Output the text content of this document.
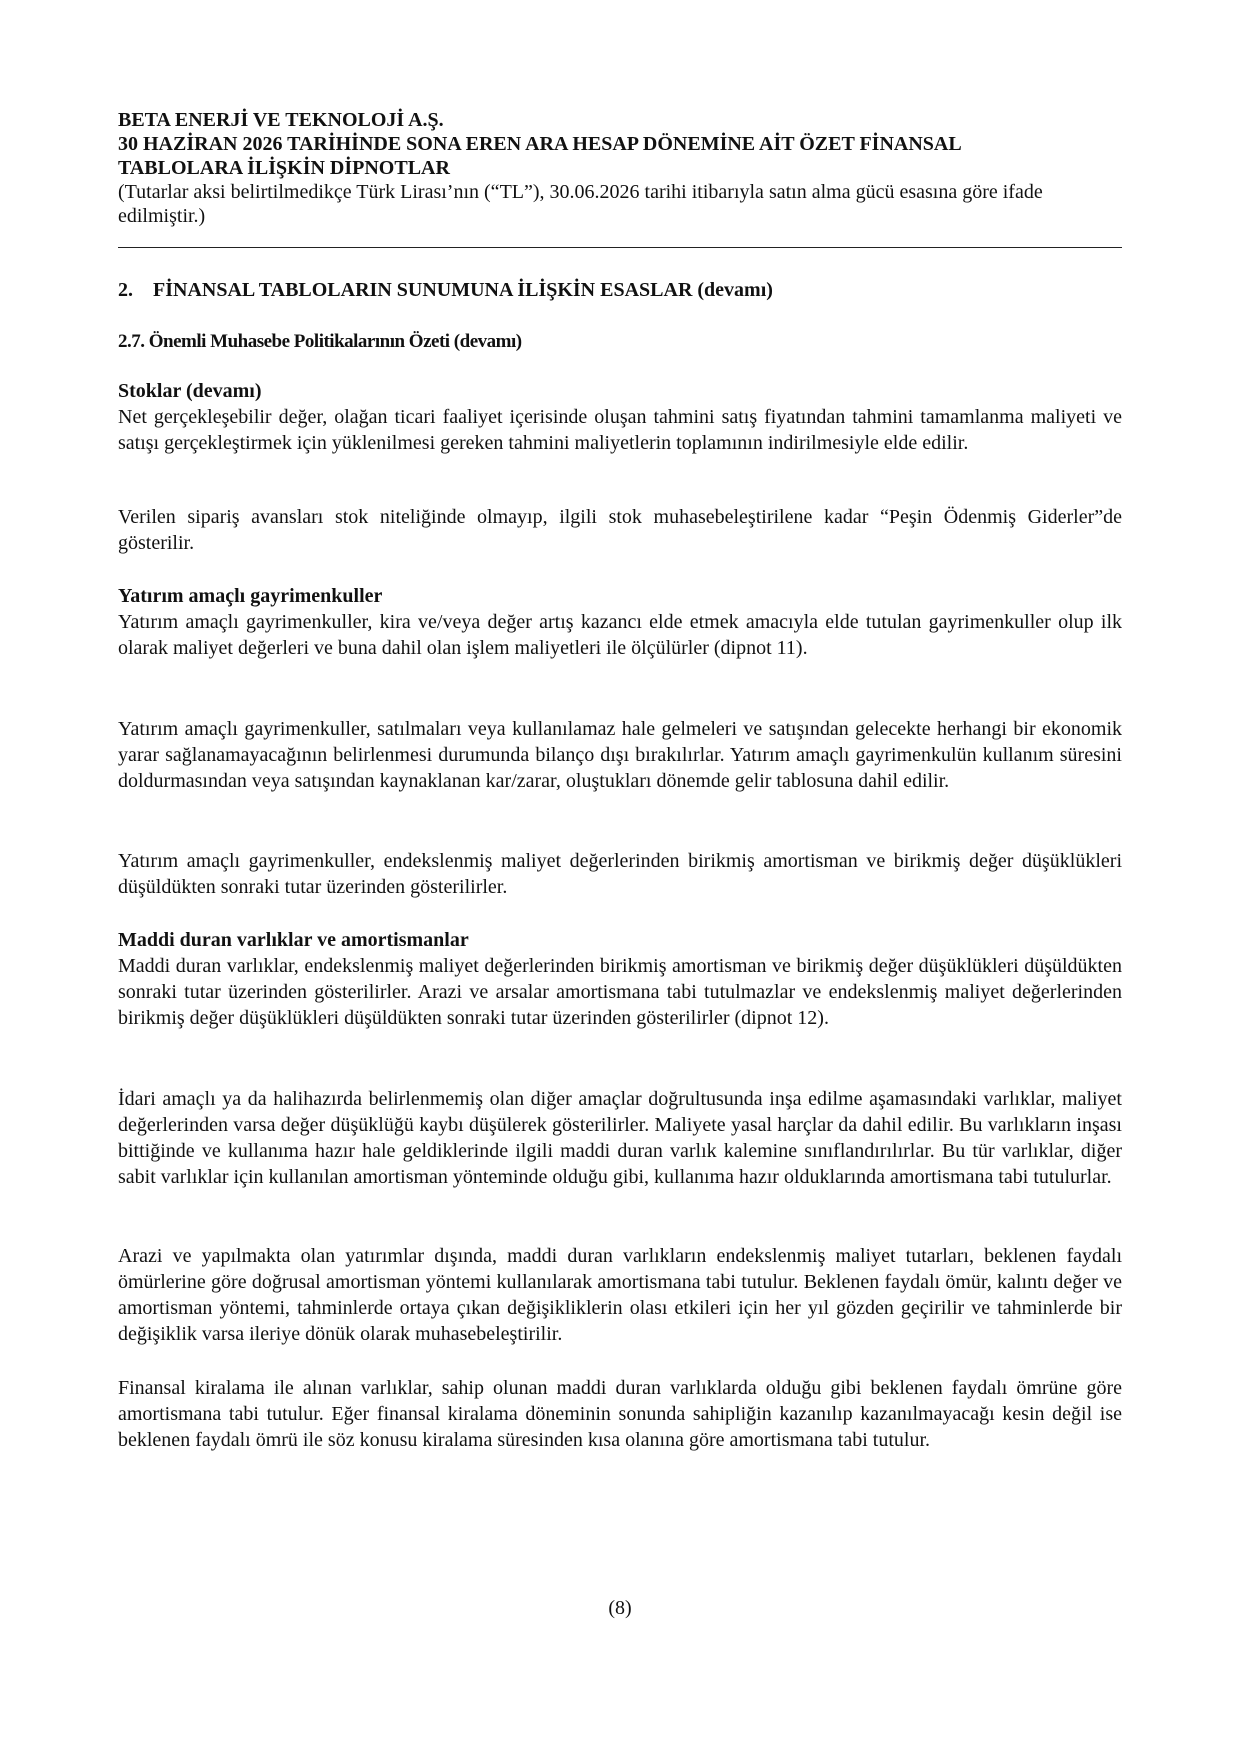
BETA ENERJİ VE TEKNOLOJİ A.Ş.

30 HAZİRAN 2026 TARİHİNDE SONA EREN ARA HESAP DÖNEMİNE AİT ÖZET FİNANSAL

TABLOLARA İLİŞKİN DİPNOTLAR

(Tutarlar aksi belirtilmedikçe Türk Lirası’nın (“TL”), 30.06.2026 tarihi itibarıyla satın alma gücü esasına göre ifade edilmiştir.)

2. FİNANSAL TABLOLARIN SUNUMUNA İLİŞKİN ESASLAR (devamı)

2.7. Önemli Muhasebe Politikalarının Özeti (devamı)

Stoklar (devamı)

Net gerçekleşebilir değer, olağan ticari faaliyet içerisinde oluşan tahmini satış fiyatından tahmini tamamlanma maliyeti ve satışı gerçekleştirmek için yüklenilmesi gereken tahmini maliyetlerin toplamının indirilmesiyle elde edilir.

Verilen sipariş avansları stok niteliğinde olmayıp, ilgili stok muhasebeleştirilene kadar “Peşin Ödenmiş Giderler”de gösterilir.

Yatırım amaçlı gayrimenkuller

Yatırım amaçlı gayrimenkuller, kira ve/veya değer artış kazancı elde etmek amacıyla elde tutulan gayrimenkuller olup ilk olarak maliyet değerleri ve buna dahil olan işlem maliyetleri ile ölçülürler (dipnot 11).

Yatırım amaçlı gayrimenkuller, satılmaları veya kullanılamaz hale gelmeleri ve satışından gelecekte herhangi bir ekonomik yarar sağlanamayacağının belirlenmesi durumunda bilanço dışı bırakılırlar. Yatırım amaçlı gayrimenkulün kullanım süresini doldurmasından veya satışından kaynaklanan kar/zarar, oluştukları dönemde gelir tablosuna dahil edilir.

Yatırım amaçlı gayrimenkuller, endekslenmiş maliyet değerlerinden birikmiş amortisman ve birikmiş değer düşüklükleri düşüldükten sonraki tutar üzerinden gösterilirler.

Maddi duran varlıklar ve amortismanlar

Maddi duran varlıklar, endekslenmiş maliyet değerlerinden birikmiş amortisman ve birikmiş değer düşüklükleri düşüldükten sonraki tutar üzerinden gösterilirler. Arazi ve arsalar amortismana tabi tutulmazlar ve endekslenmiş maliyet değerlerinden birikmiş değer düşüklükleri düşüldükten sonraki tutar üzerinden gösterilirler (dipnot 12).

İdari amaçlı ya da halihazırda belirlenmemiş olan diğer amaçlar doğrultusunda inşa edilme aşamasındaki varlıklar, maliyet değerlerinden varsa değer düşüklüğü kaybı düşülerek gösterilirler. Maliyete yasal harçlar da dahil edilir. Bu varlıkların inşası bittiğinde ve kullanıma hazır hale geldiklerinde ilgili maddi duran varlık kalemine sınıflandırılırlar. Bu tür varlıklar, diğer sabit varlıklar için kullanılan amortisman yönteminde olduğu gibi, kullanıma hazır olduklarında amortismana tabi tutulurlar.

Arazi ve yapılmakta olan yatırımlar dışında, maddi duran varlıkların endekslenmiş maliyet tutarları, beklenen faydalı ömürlerine göre doğrusal amortisman yöntemi kullanılarak amortismana tabi tutulur. Beklenen faydalı ömür, kalıntı değer ve amortisman yöntemi, tahminlerde ortaya çıkan değişikliklerin olası etkileri için her yıl gözden geçirilir ve tahminlerde bir değişiklik varsa ileriye dönük olarak muhasebeleştirilir.

Finansal kiralama ile alınan varlıklar, sahip olunan maddi duran varlıklarda olduğu gibi beklenen faydalı ömrüne göre amortismana tabi tutulur. Eğer finansal kiralama döneminin sonunda sahipliğin kazanılıp kazanılmayacağı kesin değil ise beklenen faydalı ömrü ile söz konusu kiralama süresinden kısa olanına göre amortismana tabi tutulur.

(8)
